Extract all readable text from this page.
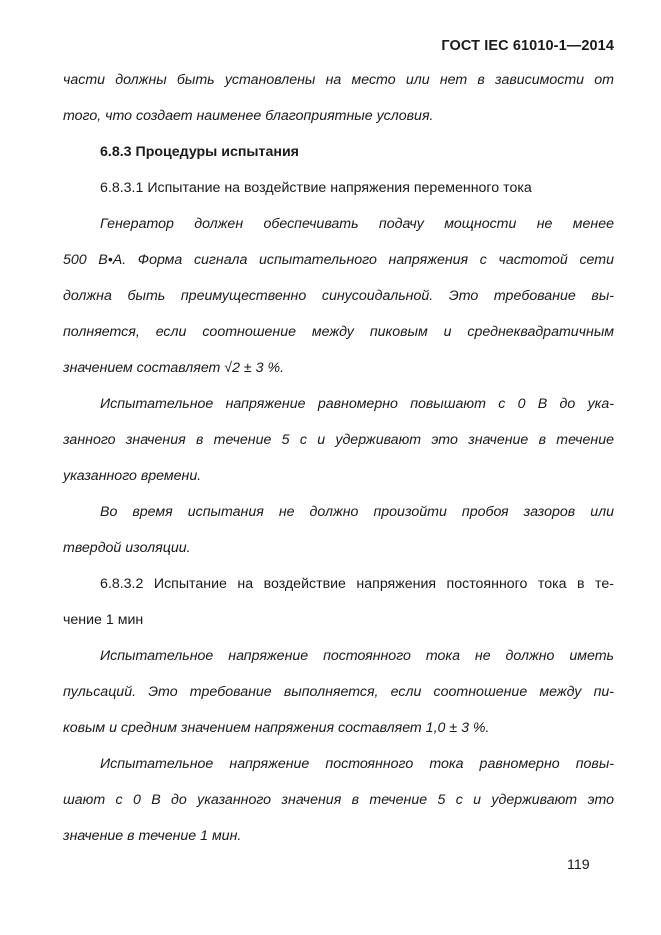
ГОСТ IEC 61010-1—2014
части должны быть установлены на место или нет в зависимости от
того, что создает наименее благоприятные условия.
6.8.3 Процедуры испытания
6.8.3.1 Испытание на воздействие напряжения переменного тока
Генератор должен обеспечивать подачу мощности не менее
500 В•А. Форма сигнала испытательного напряжения с частотой сети
должна быть преимущественно синусоидальной. Это требование вы-
полняется, если соотношение между пиковым и среднеквадратичным
значением составляет √2 ± 3 %.
Испытательное напряжение равномерно повышают с 0 В до ука-
занного значения в течение 5 с и удерживают это значение в течение
указанного времени.
Во время испытания не должно произойти пробоя зазоров или
твердой изоляции.
6.8.3.2 Испытание на воздействие напряжения постоянного тока в те-
чение 1 мин
Испытательное напряжение постоянного тока не должно иметь
пульсаций. Это требование выполняется, если соотношение между пи-
ковым и средним значением напряжения составляет 1,0 ± 3 %.
Испытательное напряжение постоянного тока равномерно повы-
шают с 0 В до указанного значения в течение 5 с и удерживают это
значение в течение 1 мин.
119
